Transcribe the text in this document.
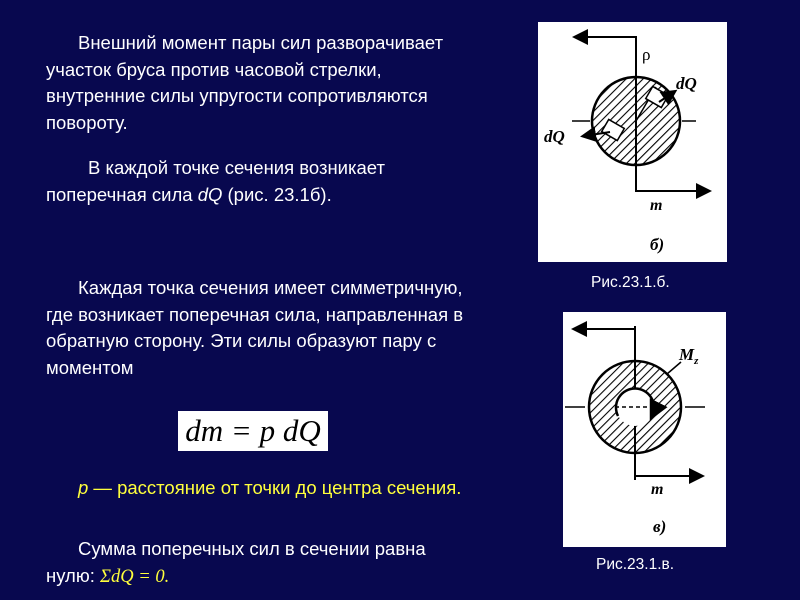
Внешний момент пары сил разворачивает участок бруса против часовой стрелки, внутренние силы упругости сопротивляются повороту.
В каждой точке сечения возникает поперечная сила dQ (рис. 23.1б).
Каждая точка сечения имеет симметричную, где возникает поперечная сила, направленная в обратную сторону. Эти силы образуют пару с моментом
dm = p dQ
p — расстояние от точки до центра сечения.
Сумма поперечных сил в сечении равна нулю: ΣdQ = 0.
ρ
dQ
dQ
m
б)
Рис.23.1.б.
$M_z$
m
в)
Рис.23.1.в.
